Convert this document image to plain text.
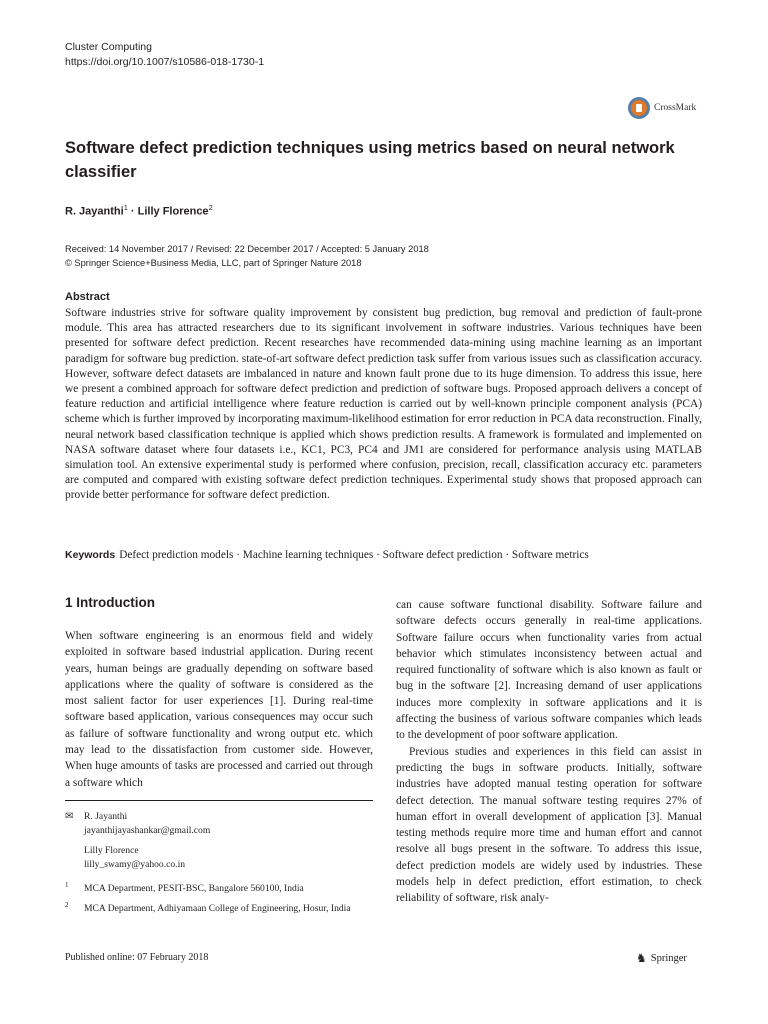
Cluster Computing
https://doi.org/10.1007/s10586-018-1730-1
CrossMark
Software defect prediction techniques using metrics based on neural network classifier
R. Jayanthi$^1$ · Lilly Florence$^2$
Received: 14 November 2017 / Revised: 22 December 2017 / Accepted: 5 January 2018
© Springer Science+Business Media, LLC, part of Springer Nature 2018
Abstract
Software industries strive for software quality improvement by consistent bug prediction, bug removal and prediction of fault-prone module. This area has attracted researchers due to its significant involvement in software industries. Various techniques have been presented for software defect prediction. Recent researches have recommended data-mining using machine learning as an important paradigm for software bug prediction. state-of-art software defect prediction task suffer from various issues such as classification accuracy. However, software defect datasets are imbalanced in nature and known fault prone due to its huge dimension. To address this issue, here we present a combined approach for software defect prediction and prediction of software bugs. Proposed approach delivers a concept of feature reduction and artificial intelligence where feature reduction is carried out by well-known principle component analysis (PCA) scheme which is further improved by incorporating maximum-likelihood estimation for error reduction in PCA data reconstruction. Finally, neural network based classification technique is applied which shows prediction results. A framework is formulated and implemented on NASA software dataset where four datasets i.e., KC1, PC3, PC4 and JM1 are considered for performance analysis using MATLAB simulation tool. An extensive experimental study is performed where confusion, precision, recall, classification accuracy etc. parameters are computed and compared with existing software defect prediction techniques. Experimental study shows that proposed approach can provide better performance for software defect prediction.
Keywords Defect prediction models · Machine learning techniques · Software defect prediction · Software metrics
1 Introduction

When software engineering is an enormous field and widely exploited in software based industrial application. During recent years, human beings are gradually depending on software based applications where the quality of software is considered as the most salient factor for user experiences [1]. During real-time software based application, various consequences may occur such as failure of software functionality and wrong output etc. which may lead to the dissatisfaction from customer side. However, When huge amounts of tasks are processed and carried out through a software which

can cause software functional disability. Software failure and software defects occurs generally in real-time applications. Software failure occurs when functionality varies from actual behavior which stimulates inconsistency between actual and required functionality of software which is also known as fault or bug in the software [2]. Increasing demand of user applications induces more complexity in software applications and it is affecting the business of various software companies which leads to the development of poor software application.

Previous studies and experiences in this field can assist in predicting the bugs in software products. Initially, software industries have adopted manual testing operation for software defect detection. The manual software testing requires 27% of human effort in overall development of application [3]. Manual testing methods require more time and human effort and cannot resolve all bugs present in the software. To address this issue, defect prediction models are widely used by industries. These models help in defect prediction, effort estimation, to check reliability of software, risk analy-

✉ R. Jayanthi
jayanthijayashankar@gmail.com
Lilly Florence
lilly_swamy@yahoo.co.in
1 MCA Department, PESIT-BSC, Bangalore 560100, India
2 MCA Department, Adhiyamaan College of Engineering, Hosur, India
Published online: 07 February 2018	♞ Springer
